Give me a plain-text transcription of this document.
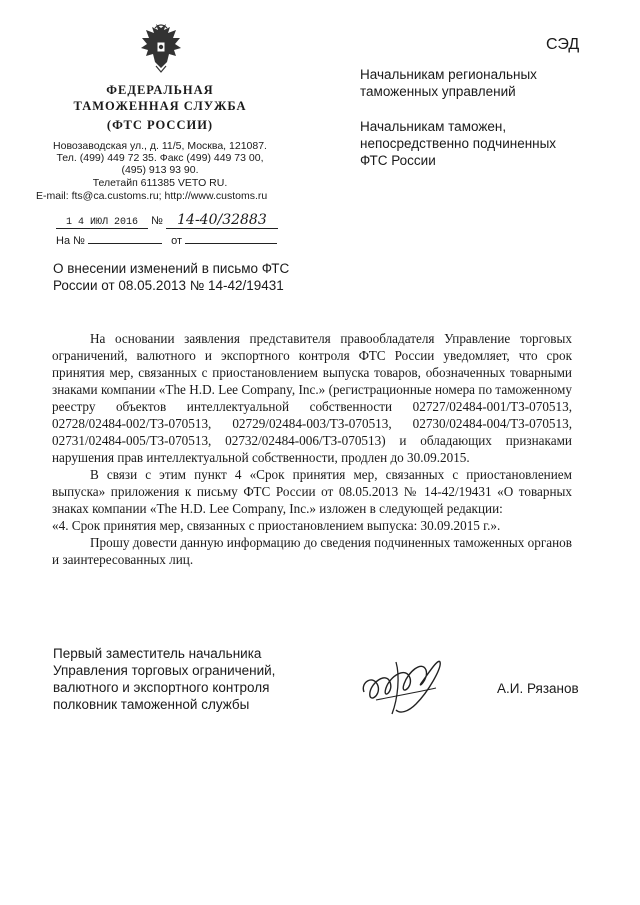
СЭД
ФЕДЕРАЛЬНАЯ
ТАМОЖЕННАЯ СЛУЖБА
(ФТС РОССИИ)
Новозаводская ул., д. 11/5, Москва, 121087.
Тел. (499) 449 72 35. Факс (499) 449 73 00,
(495) 913 93 90.
Телетайп 611385 VETO RU.
E-mail: fts@ca.customs.ru; http://www.customs.ru
1 4 ИЮЛ 2016 № 14-40/32883
На №	от
Начальникам региональных
таможенных управлений
Начальникам таможен,
непосредственно подчиненных
ФТС России
О внесении изменений в письмо ФТС
России от 08.05.2013 № 14-42/19431

На основании заявления представителя правообладателя Управление торговых ограничений, валютного и экспортного контроля ФТС России уведомляет, что срок принятия мер, связанных с приостановлением выпуска товаров, обозначенных товарными знаками компании «The H.D. Lee Company, Inc.» (регистрационные номера по таможенному реестру объектов интеллектуальной собственности 02727/02484-001/ТЗ-070513, 02728/02484-002/ТЗ-070513, 02729/02484-003/ТЗ-070513, 02730/02484-004/ТЗ-070513, 02731/02484-005/ТЗ-070513, 02732/02484-006/ТЗ-070513) и обладающих признаками нарушения прав интеллектуальной собственности, продлен до 30.09.2015.

В связи с этим пункт 4 «Срок принятия мер, связанных с приостановлением выпуска» приложения к письму ФТС России от 08.05.2013 № 14-42/19431 «О товарных знаках компании «The H.D. Lee Company, Inc.» изложен в следующей редакции:

«4. Срок принятия мер, связанных с приостановлением выпуска: 30.09.2015 г.».

Прошу довести данную информацию до сведения подчиненных таможенных органов и заинтересованных лиц.

Первый заместитель начальника
Управления торговых ограничений,
валютного и экспортного контроля
полковник таможенной службы
А.И. Рязанов
